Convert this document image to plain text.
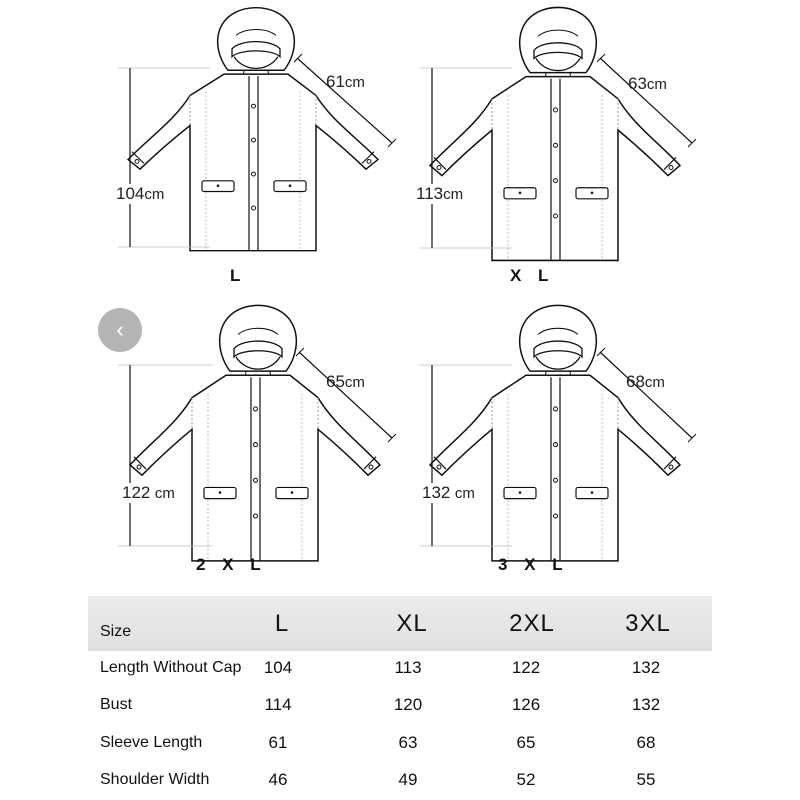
104cm
61cm
L
113cm
63cm
X L
122 cm
65cm
2 X L
132 cm
68cm
3 X L
‹
Size	L	XL	2XL	3XL
Length Without Cap	104	113	122	132
Bust	114	120	126	132
Sleeve Length	61	63	65	68
Shoulder Width	46	49	52	55
